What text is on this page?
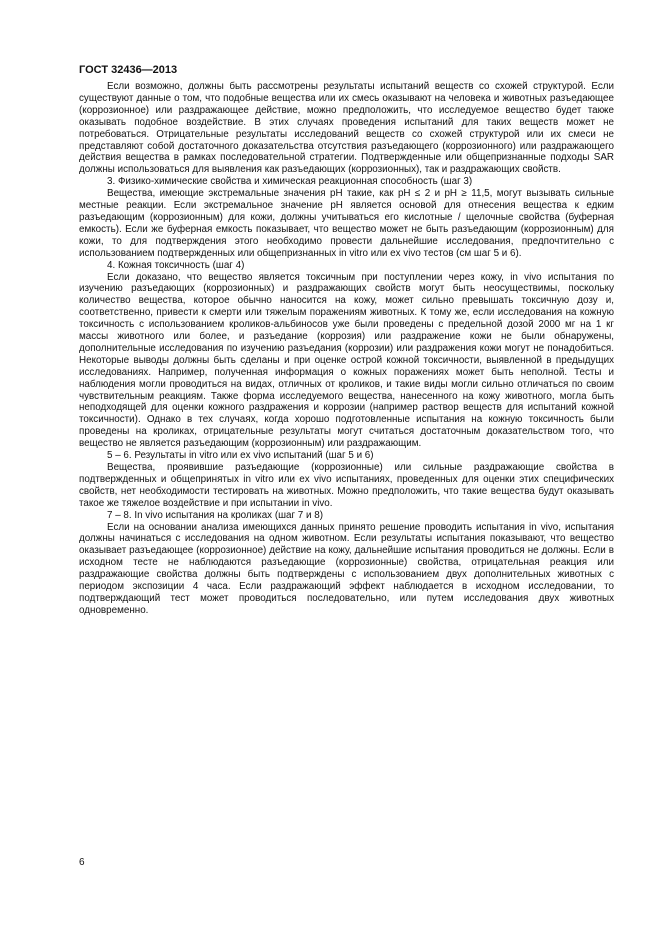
ГОСТ 32436—2013

Если возможно, должны быть рассмотрены результаты испытаний веществ со схожей структурой. Если существуют данные о том, что подобные вещества или их смесь оказывают на человека и животных разъедающее (коррозионное) или раздражающее действие, можно предположить, что исследуемое вещество будет также оказывать подобное воздействие. В этих случаях проведения испытаний для таких веществ может не потребоваться. Отрицательные результаты исследований веществ со схожей структурой или их смеси не представляют собой достаточного доказательства отсутствия разъедающего (коррозионного) или раздражающего действия вещества в рамках последовательной стратегии. Подтвержденные или общепризнанные подходы SAR должны использоваться для выявления как разъедающих (коррозионных), так и раздражающих свойств.

3. Физико-химические свойства и химическая реакционная способность (шаг 3)

Вещества, имеющие экстремальные значения pH такие, как pH ≤ 2 и pH ≥ 11,5, могут вызывать сильные местные реакции. Если экстремальное значение pH является основой для отнесения вещества к едким разъедающим (коррозионным) для кожи, должны учитываться его кислотные / щелочные свойства (буферная емкость). Если же буферная емкость показывает, что вещество может не быть разъедающим (коррозионным) для кожи, то для подтверждения этого необходимо провести дальнейшие исследования, предпочтительно с использованием подтвержденных или общепризнанных in vitro или ex vivo тестов (см шаг 5 и 6).

4. Кожная токсичность (шаг 4)

Если доказано, что вещество является токсичным при поступлении через кожу, in vivo испытания по изучению разъедающих (коррозионных) и раздражающих свойств могут быть неосуществимы, поскольку количество вещества, которое обычно наносится на кожу, может сильно превышать токсичную дозу и, соответственно, привести к смерти или тяжелым поражениям животных. К тому же, если исследования на кожную токсичность с использованием кроликов-альбиносов уже были проведены с предельной дозой 2000 мг на 1 кг массы животного или более, и разъедание (коррозия) или раздражение кожи не были обнаружены, дополнительные исследования по изучению разъедания (коррозии) или раздражения кожи могут не понадобиться. Некоторые выводы должны быть сделаны и при оценке острой кожной токсичности, выявленной в предыдущих исследованиях. Например, полученная информация о кожных поражениях может быть неполной. Тесты и наблюдения могли проводиться на видах, отличных от кроликов, и такие виды могли сильно отличаться по своим чувствительным реакциям. Также форма исследуемого вещества, нанесенного на кожу животного, могла быть неподходящей для оценки кожного раздражения и коррозии (например раствор веществ для испытаний кожной токсичности). Однако в тех случаях, когда хорошо подготовленные испытания на кожную токсичность были проведены на кроликах, отрицательные результаты могут считаться достаточным доказательством того, что вещество не является разъедающим (коррозионным) или раздражающим.

5 – 6. Результаты in vitro или ex vivo испытаний (шаг 5 и 6)

Вещества, проявившие разъедающие (коррозионные) или сильные раздражающие свойства в подтвержденных и общепринятых in vitro или ex vivo испытаниях, проведенных для оценки этих специфических свойств, нет необходимости тестировать на животных. Можно предположить, что такие вещества будут оказывать такое же тяжелое воздействие и при испытании in vivo.

7 – 8. In vivo испытания на кроликах (шаг 7 и 8)

Если на основании анализа имеющихся данных принято решение проводить испытания in vivo, испытания должны начинаться с исследования на одном животном. Если результаты испытания показывают, что вещество оказывает разъедающее (коррозионное) действие на кожу, дальнейшие испытания проводиться не должны. Если в исходном тесте не наблюдаются разъедающие (коррозионные) свойства, отрицательная реакция или раздражающие свойства должны быть подтверждены с использованием двух дополнительных животных с периодом экспозиции 4 часа. Если раздражающий эффект наблюдается в исходном исследовании, то подтверждающий тест может проводиться последовательно, или путем исследования двух животных одновременно.

6
